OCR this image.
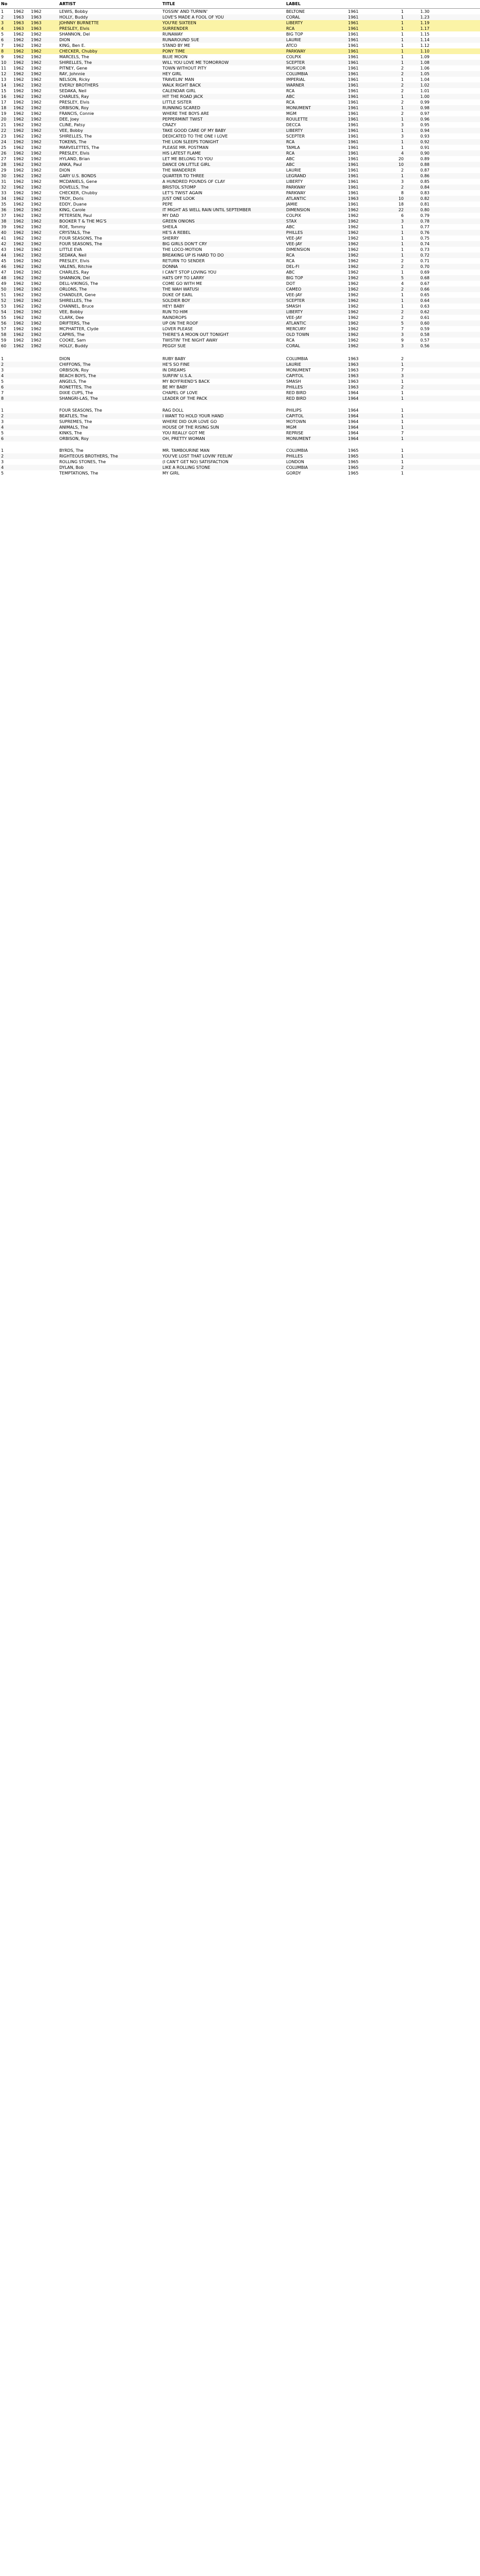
No	ARTIST	TITLE	LABEL
1	1962	1962	LEWIS, Bobby	TOSSIN' AND TURNIN'	BELTONE	1961	1	1.30
2	1963	1963	HOLLY, Buddy	LOVE'S MADE A FOOL OF YOU	CORAL	1961	1	1.23
3	1963	1963	JOHNNY BURNETTE	YOU'RE SIXTEEN	LIBERTY	1961	1	1.19
4	1963	1963	PRESLEY, Elvis	SURRENDER	RCA	1961	1	1.17
5	1962	1962	SHANNON, Del	RUNAWAY	BIG TOP	1961	1	1.15
6	1962	1962	DION	RUNAROUND SUE	LAURIE	1961	1	1.14
7	1962	1962	KING, Ben E.	STAND BY ME	ATCO	1961	1	1.12
8	1962	1962	CHECKER, Chubby	PONY TIME	PARKWAY	1961	1	1.10
9	1962	1962	MARCELS, The	BLUE MOON	COLPIX	1961	1	1.09
10	1962	1962	SHIRELLES, The	WILL YOU LOVE ME TOMORROW	SCEPTER	1961	1	1.08
11	1962	1962	PITNEY, Gene	TOWN WITHOUT PITY	MUSICOR	1961	2	1.06
12	1962	1962	RAY, Johnnie	HEY GIRL	COLUMBIA	1961	2	1.05
13	1962	1962	NELSON, Ricky	TRAVELIN' MAN	IMPERIAL	1961	1	1.04
14	1962	1962	EVERLY BROTHERS	WALK RIGHT BACK	WARNER	1961	2	1.02
15	1962	1962	SEDAKA, Neil	CALENDAR GIRL	RCA	1961	2	1.01
16	1962	1962	CHARLES, Ray	HIT THE ROAD JACK	ABC	1961	1	1.00
17	1962	1962	PRESLEY, Elvis	LITTLE SISTER	RCA	1961	2	0.99
18	1962	1962	ORBISON, Roy	RUNNING SCARED	MONUMENT	1961	1	0.98
19	1962	1962	FRANCIS, Connie	WHERE THE BOYS ARE	MGM	1961	2	0.97
20	1962	1962	DEE, Joey	PEPPERMINT TWIST	ROULETTE	1961	1	0.96
21	1962	1962	CLINE, Patsy	CRAZY	DECCA	1961	3	0.95
22	1962	1962	VEE, Bobby	TAKE GOOD CARE OF MY BABY	LIBERTY	1961	1	0.94
23	1962	1962	SHIRELLES, The	DEDICATED TO THE ONE I LOVE	SCEPTER	1961	3	0.93
24	1962	1962	TOKENS, The	THE LION SLEEPS TONIGHT	RCA	1961	1	0.92
25	1962	1962	MARVELETTES, The	PLEASE MR. POSTMAN	TAMLA	1961	1	0.91
26	1962	1962	PRESLEY, Elvis	HIS LATEST FLAME	RCA	1961	4	0.90
27	1962	1962	HYLAND, Brian	LET ME BELONG TO YOU	ABC	1961	20	0.89
28	1962	1962	ANKA, Paul	DANCE ON LITTLE GIRL	ABC	1961	10	0.88
29	1962	1962	DION	THE WANDERER	LAURIE	1961	2	0.87
30	1962	1962	GARY U.S. BONDS	QUARTER TO THREE	LEGRAND	1961	1	0.86
31	1962	1962	MCDANIELS, Gene	A HUNDRED POUNDS OF CLAY	LIBERTY	1961	3	0.85
32	1962	1962	DOVELLS, The	BRISTOL STOMP	PARKWAY	1961	2	0.84
33	1962	1962	CHECKER, Chubby	LET'S TWIST AGAIN	PARKWAY	1961	8	0.83
34	1962	1962	TROY, Doris	JUST ONE LOOK	ATLANTIC	1963	10	0.82
35	1962	1962	EDDY, Duane	PEPE	JAMIE	1961	18	0.81
36	1962	1962	KING, Carole	IT MIGHT AS WELL RAIN UNTIL SEPTEMBER	DIMENSION	1962	22	0.80
37	1962	1962	PETERSEN, Paul	MY DAD	COLPIX	1962	6	0.79
38	1962	1962	BOOKER T & THE MG'S	GREEN ONIONS	STAX	1962	3	0.78
39	1962	1962	ROE, Tommy	SHEILA	ABC	1962	1	0.77
40	1962	1962	CRYSTALS, The	HE'S A REBEL	PHILLES	1962	1	0.76
41	1962	1962	FOUR SEASONS, The	SHERRY	VEE-JAY	1962	1	0.75
42	1962	1962	FOUR SEASONS, The	BIG GIRLS DON'T CRY	VEE-JAY	1962	1	0.74
43	1962	1962	LITTLE EVA	THE LOCO-MOTION	DIMENSION	1962	1	0.73
44	1962	1962	SEDAKA, Neil	BREAKING UP IS HARD TO DO	RCA	1962	1	0.72
45	1962	1962	PRESLEY, Elvis	RETURN TO SENDER	RCA	1962	2	0.71
46	1962	1962	VALENS, Ritchie	DONNA	DEL-FI	1962	2	0.70
47	1962	1962	CHARLES, Ray	I CAN'T STOP LOVING YOU	ABC	1962	1	0.69
48	1962	1962	SHANNON, Del	HATS OFF TO LARRY	BIG TOP	1962	5	0.68
49	1962	1962	DELL-VIKINGS, The	COME GO WITH ME	DOT	1962	4	0.67
50	1962	1962	ORLONS, The	THE WAH WATUSI	CAMEO	1962	2	0.66
51	1962	1962	CHANDLER, Gene	DUKE OF EARL	VEE-JAY	1962	1	0.65
52	1962	1962	SHIRELLES, The	SOLDIER BOY	SCEPTER	1962	1	0.64
53	1962	1962	CHANNEL, Bruce	HEY! BABY	SMASH	1962	1	0.63
54	1962	1962	VEE, Bobby	RUN TO HIM	LIBERTY	1962	2	0.62
55	1962	1962	CLARK, Dee	RAINDROPS	VEE-JAY	1962	2	0.61
56	1962	1962	DRIFTERS, The	UP ON THE ROOF	ATLANTIC	1962	5	0.60
57	1962	1962	MCPHATTER, Clyde	LOVER PLEASE	MERCURY	1962	7	0.59
58	1962	1962	CAPRIS, The	THERE'S A MOON OUT TONIGHT	OLD TOWN	1962	3	0.58
59	1962	1962	COOKE, Sam	TWISTIN' THE NIGHT AWAY	RCA	1962	9	0.57
60	1962	1962	HOLLY, Buddy	PEGGY SUE	CORAL	1962	3	0.56
1	DION	RUBY BABY	COLUMBIA	1963	2
2	CHIFFONS, The	HE'S SO FINE	LAURIE	1963	1
3	ORBISON, Roy	IN DREAMS	MONUMENT	1963	7
4	BEACH BOYS, The	SURFIN' U.S.A.	CAPITOL	1963	3
5	ANGELS, The	MY BOYFRIEND'S BACK	SMASH	1963	1
6	RONETTES, The	BE MY BABY	PHILLES	1963	2
7	DIXIE CUPS, The	CHAPEL OF LOVE	RED BIRD	1964	1
8	SHANGRI-LAS, The	LEADER OF THE PACK	RED BIRD	1964	1
1	FOUR SEASONS, The	RAG DOLL	PHILIPS	1964	1
2	BEATLES, The	I WANT TO HOLD YOUR HAND	CAPITOL	1964	1
3	SUPREMES, The	WHERE DID OUR LOVE GO	MOTOWN	1964	1
4	ANIMALS, The	HOUSE OF THE RISING SUN	MGM	1964	1
5	KINKS, The	YOU REALLY GOT ME	REPRISE	1964	7
6	ORBISON, Roy	OH, PRETTY WOMAN	MONUMENT	1964	1
1	BYRDS, The	MR. TAMBOURINE MAN	COLUMBIA	1965	1
2	RIGHTEOUS BROTHERS, The	YOU'VE LOST THAT LOVIN' FEELIN'	PHILLES	1965	1
3	ROLLING STONES, The	(I CAN'T GET NO) SATISFACTION	LONDON	1965	1
4	DYLAN, Bob	LIKE A ROLLING STONE	COLUMBIA	1965	2
5	TEMPTATIONS, The	MY GIRL	GORDY	1965	1
